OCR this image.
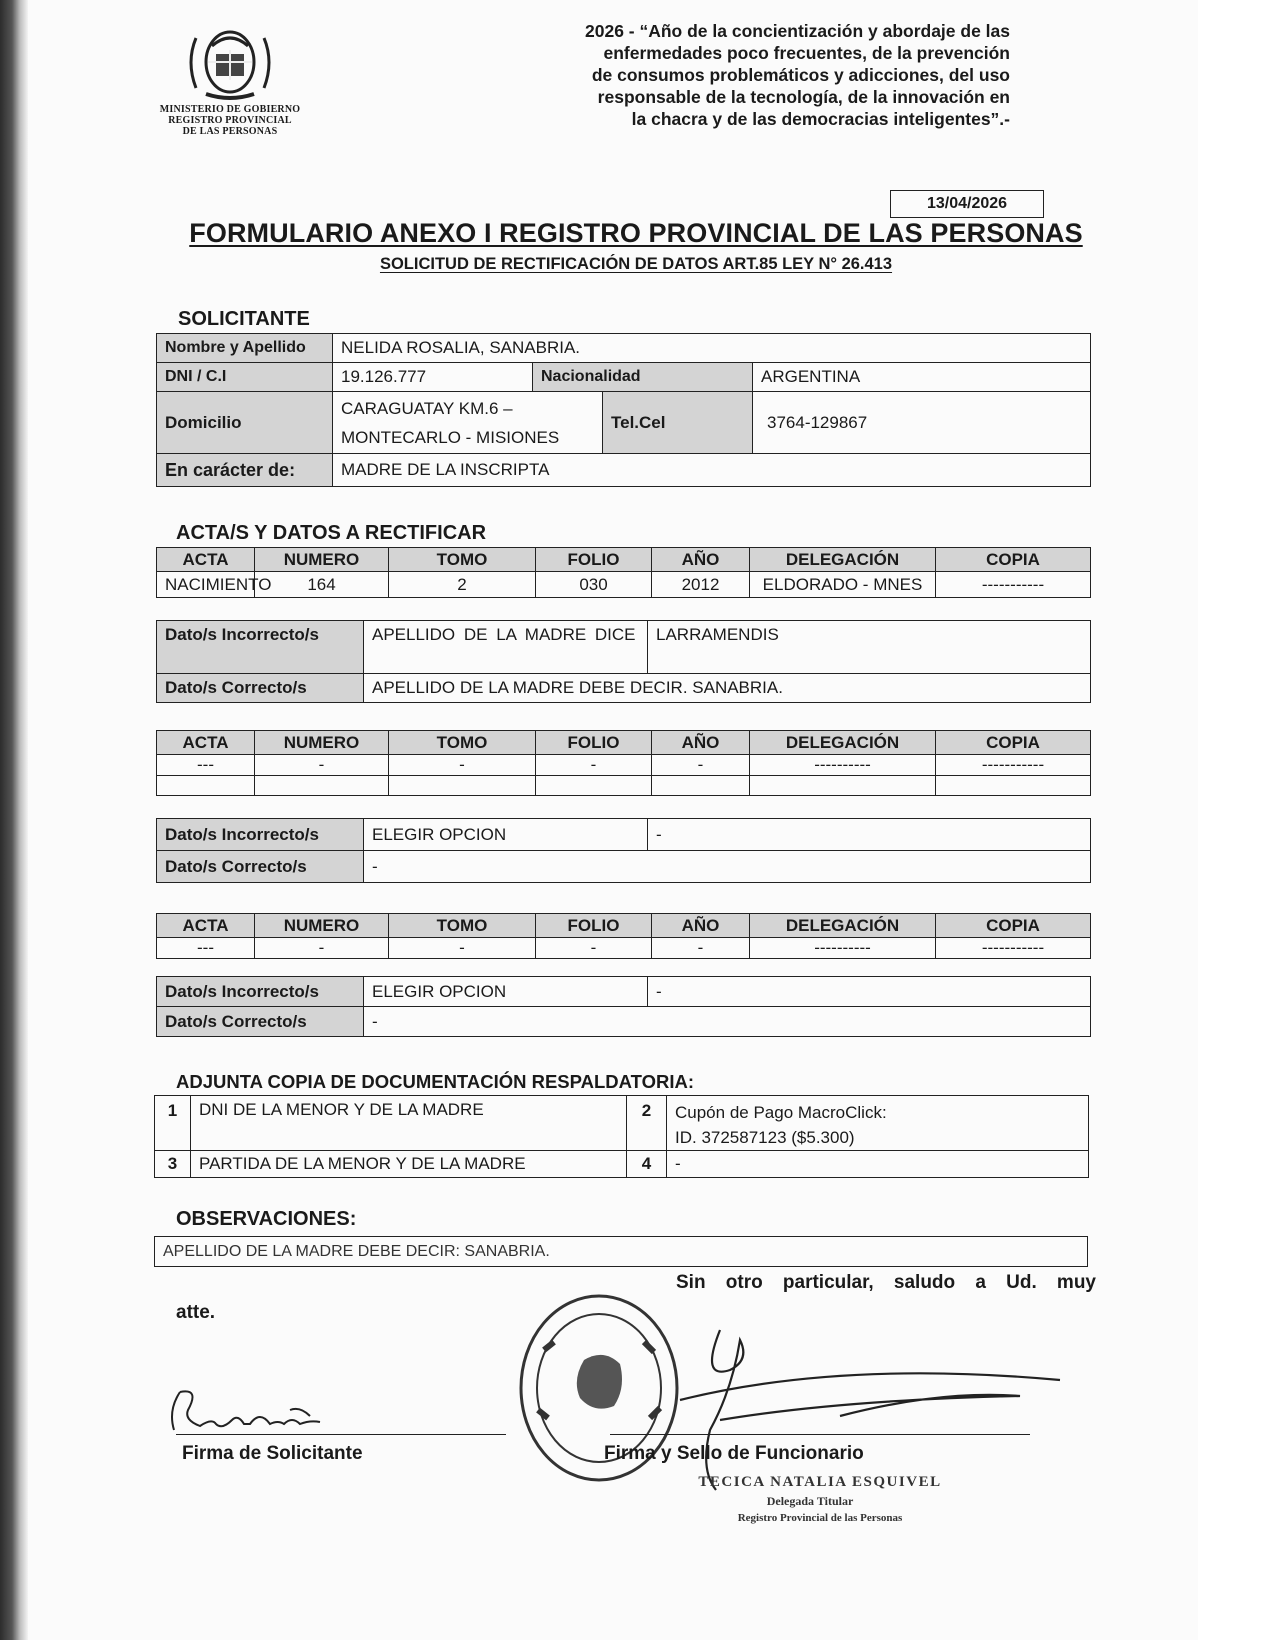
MINISTERIO DE GOBIERNO
REGISTRO PROVINCIAL
DE LAS PERSONAS
2026 - “Año de la concientización y abordaje de las
enfermedades poco frecuentes, de la prevención
de consumos problemáticos y adicciones, del uso
responsable de la tecnología, de la innovación en
la chacra y de las democracias inteligentes”.-
13/04/2026
FORMULARIO ANEXO I REGISTRO PROVINCIAL DE LAS PERSONAS
SOLICITUD DE RECTIFICACIÓN DE DATOS ART.85 LEY N° 26.413
SOLICITANTE
Nombre y Apellido	NELIDA ROSALIA, SANABRIA.			
DNI / C.I	19.126.777	Nacionalidad		ARGENTINA
Domicilio	CARAGUATAY KM.6 –
MONTECARLO - MISIONES		Tel.Cel	3764-129867
En carácter de:	MADRE DE LA INSCRIPTA			
ACTA/S Y DATOS A RECTIFICAR
ACTA	NUMERO	TOMO	FOLIO	AÑO	DELEGACIÓN	COPIA
NACIMIENTO	164	2	030	2012	ELDORADO - MNES	-----------
Dato/s Incorrecto/s	APELLIDO DE LA MADRE DICE	LARRAMENDIS
Dato/s Correcto/s	APELLIDO DE LA MADRE DEBE DECIR. SANABRIA.	
ACTA	NUMERO	TOMO	FOLIO	AÑO	DELEGACIÓN	COPIA
---	-	-	-	-	----------	-----------

Dato/s Incorrecto/s	ELEGIR OPCION	-
Dato/s Correcto/s	-	
ACTA	NUMERO	TOMO	FOLIO	AÑO	DELEGACIÓN	COPIA
---	-	-	-	-	----------	-----------
Dato/s Incorrecto/s	ELEGIR OPCION	-
Dato/s Correcto/s	-	
ADJUNTA COPIA DE DOCUMENTACIÓN RESPALDATORIA:
1	DNI DE LA MENOR Y DE LA MADRE	2	Cupón de Pago MacroClick:
ID. 372587123 ($5.300)

3	PARTIDA DE LA MENOR Y DE LA MADRE	4	-
OBSERVACIONES:
APELLIDO DE LA MADRE DEBE DECIR: SANABRIA.
Sin otro particular, saludo a Ud. muy
atte.
Firma de Solicitante	Firma y Sello de Funcionario
TECICA NATALIA ESQUIVEL
Delegada Titular
Registro Provincial de las Personas
